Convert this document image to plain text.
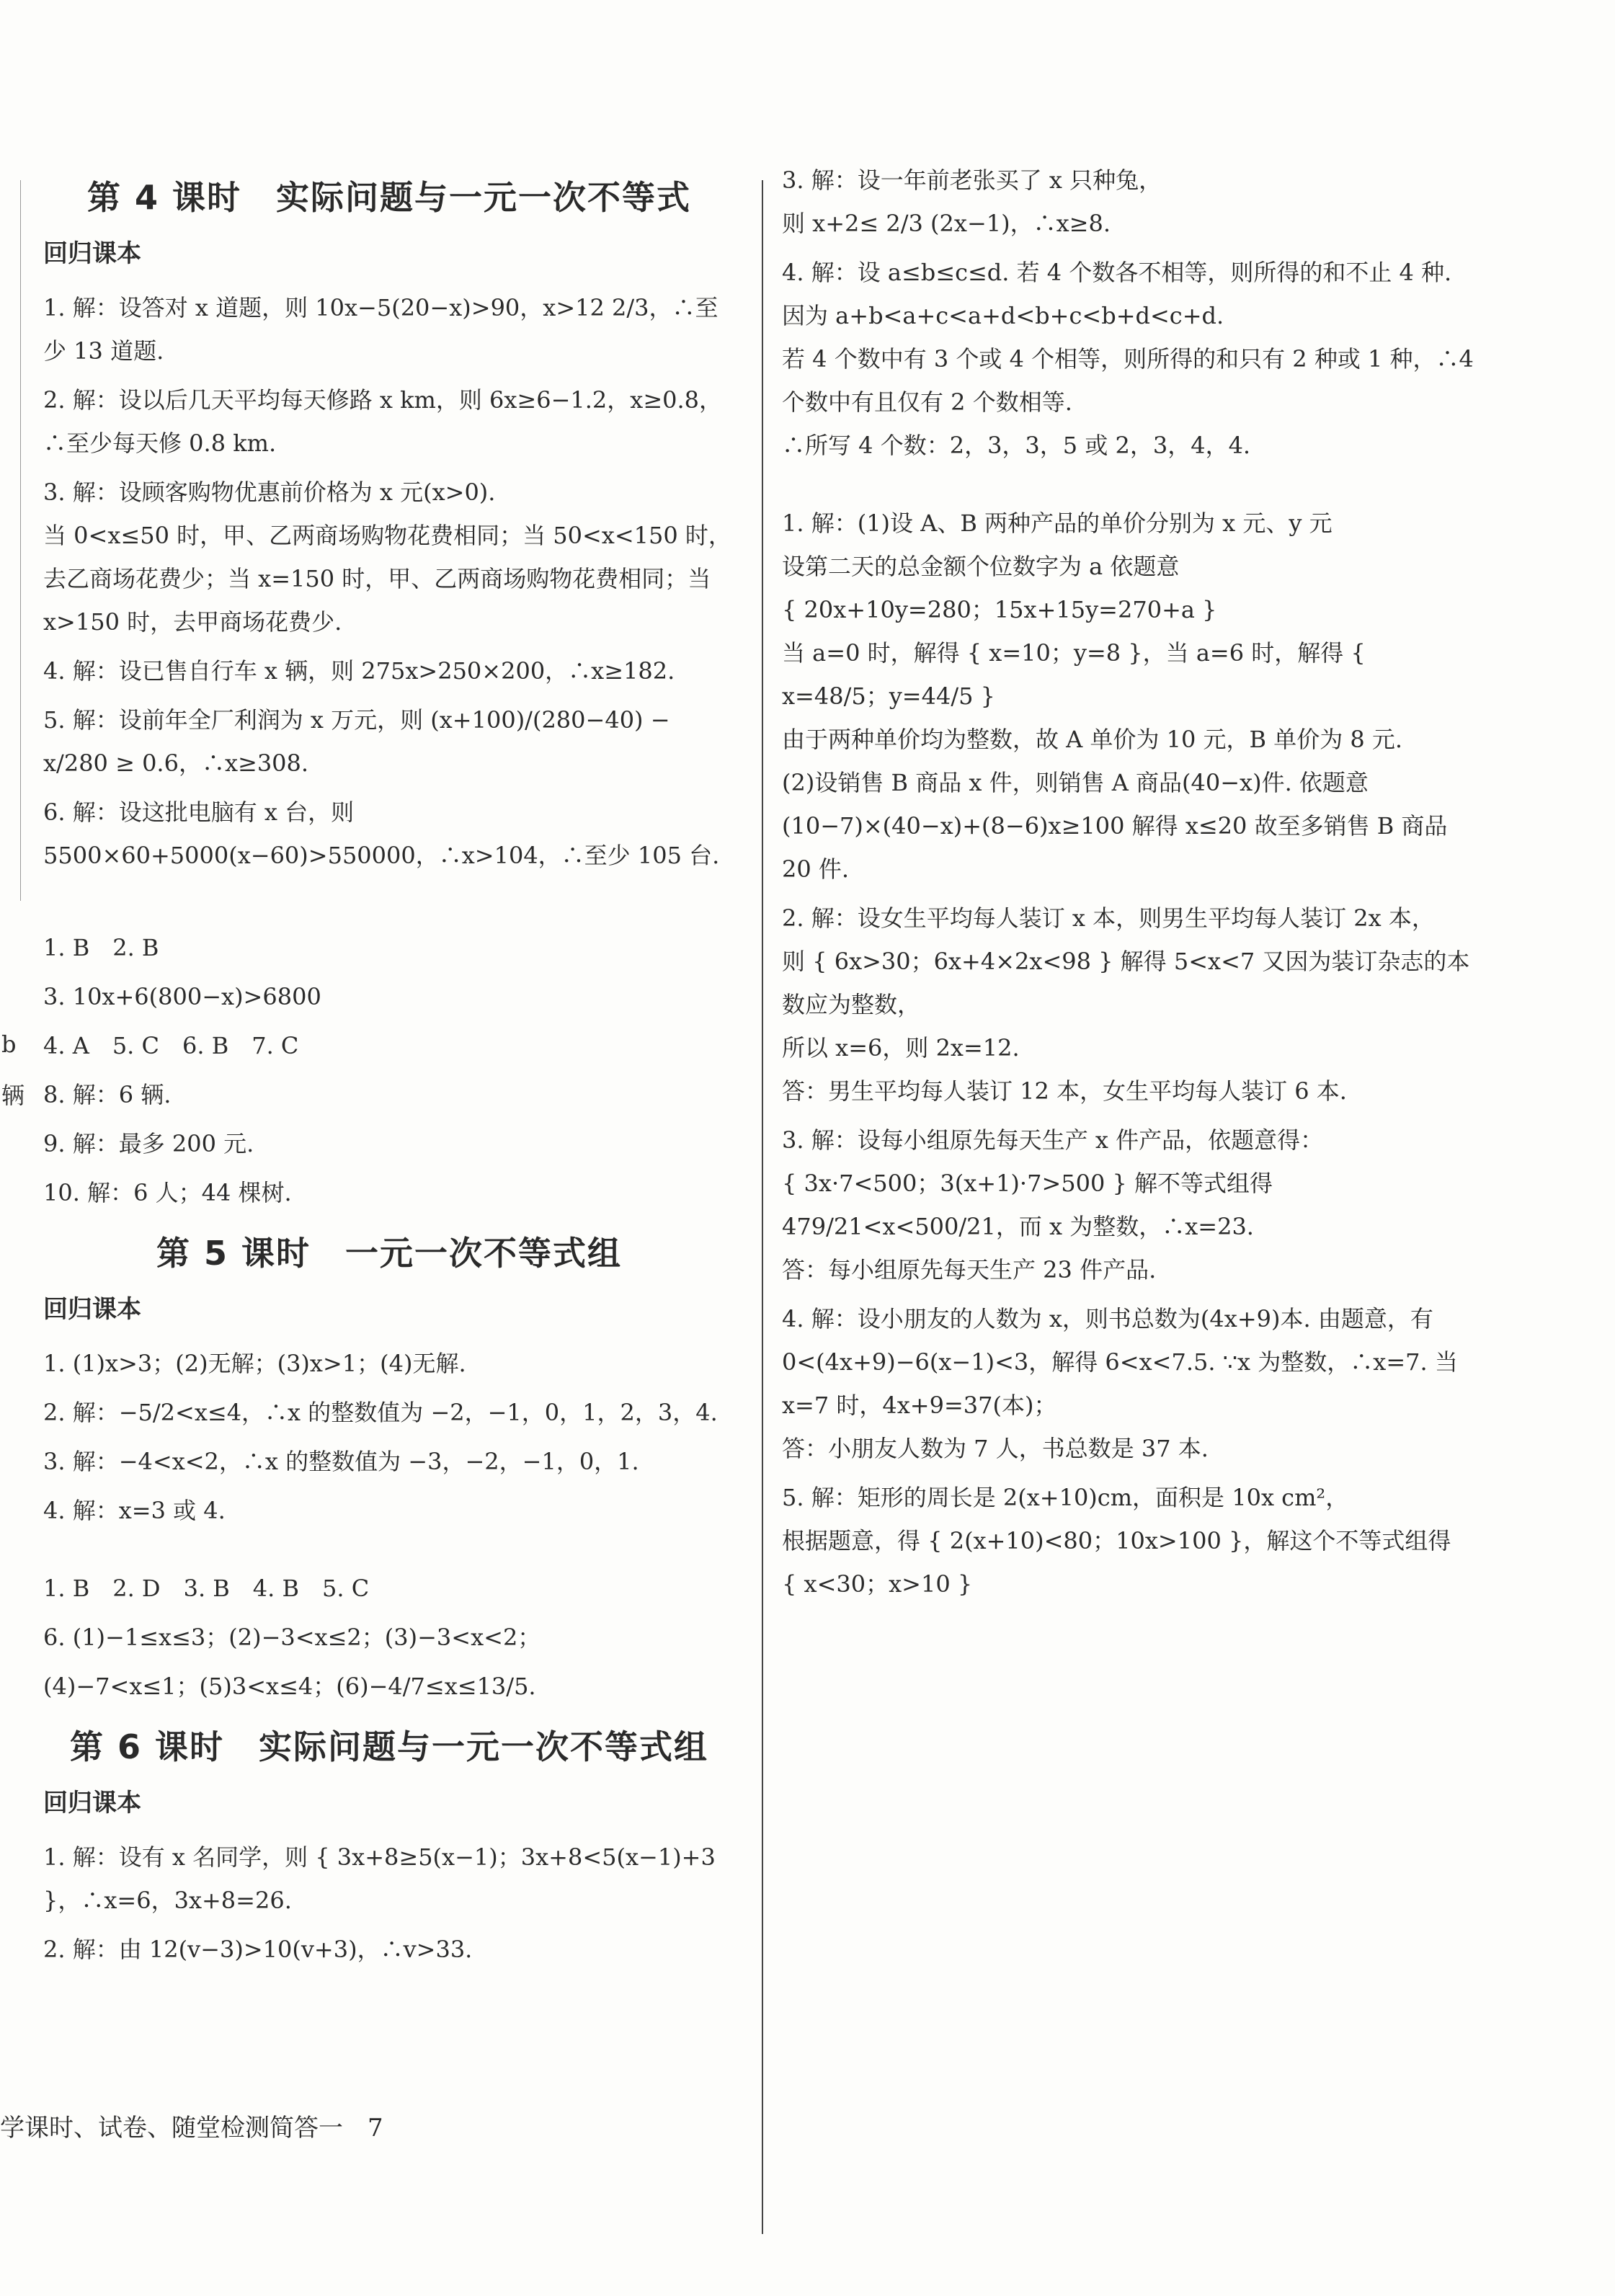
b
辆
第 4 课时　实际问题与一元一次不等式
回归课本
1. 解：设答对 x 道题，则 10x−5(20−x)>90，x>12 2/3，∴至少 13 道题.
2. 解：设以后几天平均每天修路 x km，则 6x≥6−1.2，x≥0.8，∴至少每天修 0.8 km.
3. 解：设顾客购物优惠前价格为 x 元(x>0).
当 0<x≤50 时，甲、乙两商场购物花费相同；当 50<x<150 时，去乙商场花费少；当 x=150 时，甲、乙两商场购物花费相同；当 x>150 时，去甲商场花费少.
4. 解：设已售自行车 x 辆，则 275x>250×200，∴x≥182.
5. 解：设前年全厂利润为 x 万元，则 (x+100)/(280−40) − x/280 ≥ 0.6，∴x≥308.
6. 解：设这批电脑有 x 台，则 5500×60+5000(x−60)>550000，∴x>104，∴至少 105 台.
1. B　2. B
3. 10x+6(800−x)>6800
4. A　5. C　6. B　7. C
8. 解：6 辆.
9. 解：最多 200 元.
10. 解：6 人；44 棵树.
第 5 课时　一元一次不等式组
回归课本
1. (1)x>3；(2)无解；(3)x>1；(4)无解.
2. 解：−5/2<x≤4，∴x 的整数值为 −2，−1，0，1，2，3，4.
3. 解：−4<x<2，∴x 的整数值为 −3，−2，−1，0，1.
4. 解：x=3 或 4.
1. B　2. D　3. B　4. B　5. C
6. (1)−1≤x≤3；(2)−3<x≤2；(3)−3<x<2；
(4)−7<x≤1；(5)3<x≤4；(6)−4/7≤x≤13/5.
第 6 课时　实际问题与一元一次不等式组
回归课本
1. 解：设有 x 名同学，则 { 3x+8≥5(x−1)；3x+8<5(x−1)+3 }，∴x=6，3x+8=26.
2. 解：由 12(v−3)>10(v+3)，∴v>33.
3. 解：设一年前老张买了 x 只种兔，
则 x+2≤ 2/3 (2x−1)，∴x≥8.
4. 解：设 a≤b≤c≤d. 若 4 个数各不相等，则所得的和不止 4 种. 因为 a+b<a+c<a+d<b+c<b+d<c+d.
若 4 个数中有 3 个或 4 个相等，则所得的和只有 2 种或 1 种，∴4 个数中有且仅有 2 个数相等.
∴所写 4 个数：2，3，3，5 或 2，3，4，4.
1. 解：(1)设 A、B 两种产品的单价分别为 x 元、y 元
设第二天的总金额个位数字为 a 依题意
{ 20x+10y=280；15x+15y=270+a }
当 a=0 时，解得 { x=10；y=8 }，当 a=6 时，解得 { x=48/5；y=44/5 }
由于两种单价均为整数，故 A 单价为 10 元，B 单价为 8 元.
(2)设销售 B 商品 x 件，则销售 A 商品(40−x)件. 依题意
(10−7)×(40−x)+(8−6)x≥100 解得 x≤20 故至多销售 B 商品 20 件.
2. 解：设女生平均每人装订 x 本，则男生平均每人装订 2x 本，
则 { 6x>30；6x+4×2x<98 } 解得 5<x<7 又因为装订杂志的本数应为整数，
所以 x=6，则 2x=12.
答：男生平均每人装订 12 本，女生平均每人装订 6 本.
3. 解：设每小组原先每天生产 x 件产品，依题意得：
{ 3x·7<500；3(x+1)·7>500 } 解不等式组得 479/21<x<500/21，而 x 为整数，∴x=23.
答：每小组原先每天生产 23 件产品.
4. 解：设小朋友的人数为 x，则书总数为(4x+9)本. 由题意，有 0<(4x+9)−6(x−1)<3，解得 6<x<7.5. ∵x 为整数，∴x=7. 当 x=7 时，4x+9=37(本)；
答：小朋友人数为 7 人，书总数是 37 本.
5. 解：矩形的周长是 2(x+10)cm，面积是 10x cm²，
根据题意，得 { 2(x+10)<80；10x>100 }，解这个不等式组得
{ x<30；x>10 }
学课时、试卷、随堂检测简答一　7
